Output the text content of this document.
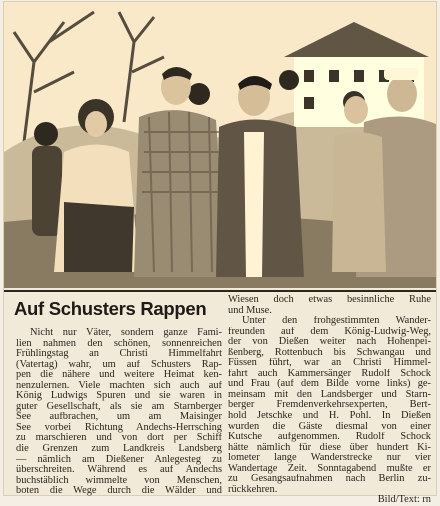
Auf Schusters Rappen
Nicht nur Väter, sondern ganze Fami-
lien nahmen den schönen, sonnenreichen
Frühlingstag an Christi Himmelfahrt
(Vatertag) wahr, um auf Schusters Rap-
pen die nähere und weitere Heimat ken-
nenzulernen. Viele machten sich auch auf
König Ludwigs Spuren und sie waren in
guter Gesellschaft, als sie am Starnberger
See aufbrachen, um am Maisinger
See vorbei Richtung Andechs-Herrsching
zu marschieren und von dort per Schiff
die Grenzen zum Landkreis Landsberg
— nämlich am Dießener Anlegesteg zu
überschreiten. Während es auf Andechs
buchstäblich wimmelte von Menschen,
boten die Wege durch die Wälder und
Wiesen doch etwas besinnliche Ruhe
und Muse.
Unter den frohgestimmten Wander-
freunden auf dem König-Ludwig-Weg,
der von Dießen weiter nach Hohenpei-
ßenberg, Rottenbuch bis Schwangau und
Füssen führt, war an Christi Himmel-
fahrt auch Kammersänger Rudolf Schock
und Frau (auf dem Bilde vorne links) ge-
meinsam mit den Landsberger und Starn-
berger Fremdenverkehrsexperten, Bert-
hold Jetschke und H. Pohl. In Dießen
wurden die Gäste diesmal von einer
Kutsche aufgenommen. Rudolf Schock
hätte nämlich für diese über hundert Ki-
lometer lange Wanderstrecke nur vier
Wandertage Zeit. Sonntagabend mußte er
zu Gesangsaufnahmen nach Berlin zu-
rückkehren.
Bild/Text: rn
